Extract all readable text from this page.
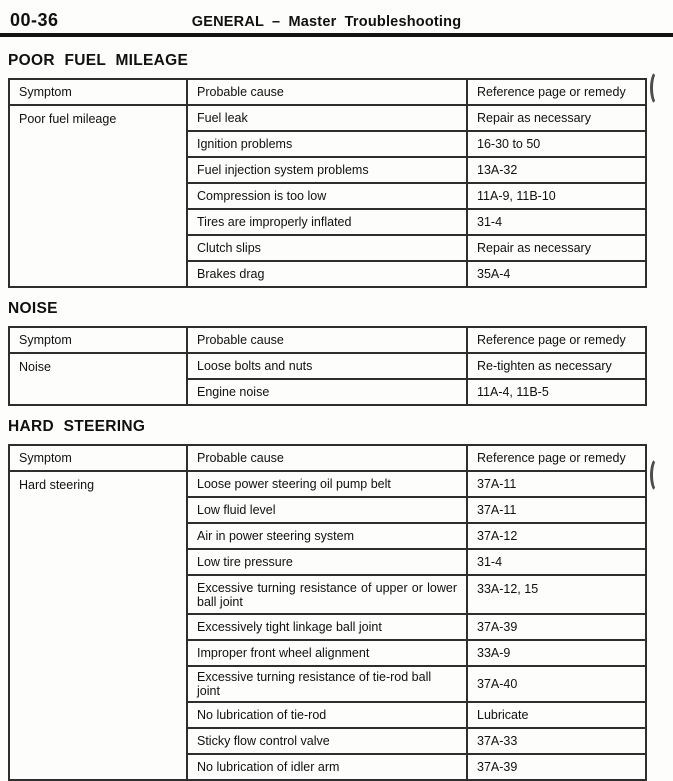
00-36	GENERAL – Master Troubleshooting
POOR FUEL MILEAGE
Symptom	Probable cause	Reference page or remedy
Poor fuel mileage	Fuel leak	Repair as necessary
	Ignition problems	16-30 to 50
	Fuel injection system problems	13A-32
	Compression is too low	11A-9, 11B-10
	Tires are improperly inflated	31-4
	Clutch slips	Repair as necessary
	Brakes drag	35A-4
NOISE
Symptom	Probable cause	Reference page or remedy
Noise	Loose bolts and nuts	Re-tighten as necessary
	Engine noise	11A-4, 11B-5
HARD STEERING
Symptom	Probable cause	Reference page or remedy
Hard steering	Loose power steering oil pump belt	37A-11
	Low fluid level	37A-11
	Air in power steering system	37A-12
	Low tire pressure	31-4
	Excessive turning resistance of upper or lower ball joint	33A-12, 15
	Excessively tight linkage ball joint	37A-39
	Improper front wheel alignment	33A-9
	Excessive turning resistance of tie-rod ball joint	37A-40
	No lubrication of tie-rod	Lubricate
	Sticky flow control valve	37A-33
	No lubrication of idler arm	37A-39
